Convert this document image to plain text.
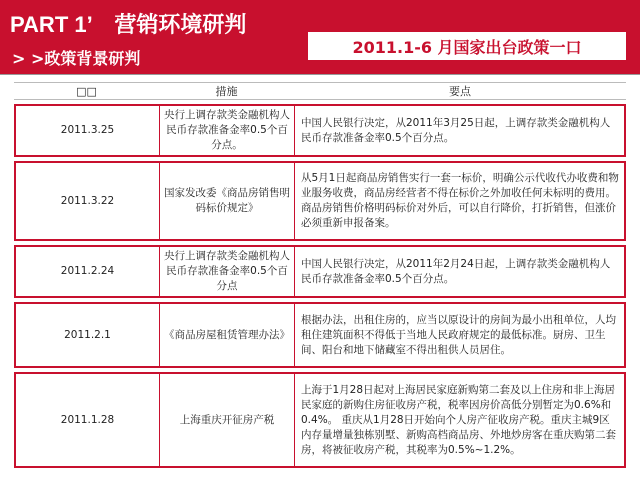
PART 1’ 营销环境研判
> >政策背景研判
2011.1-6 月国家出台政策一口
□□	措施	要点
2011.3.25	央行上调存款类金融机构人民币存款准备金率0.5个百分点。	中国人民银行决定，从2011年3月25日起，上调存款类金融机构人民币存款准备金率0.5个百分点。
2011.3.22	国家发改委《商品房销售明码标价规定》	从5月1日起商品房销售实行一套一标价，明确公示代收代办收费和物业服务收费，商品房经营者不得在标价之外加收任何未标明的费用。 商品房销售价格明码标价对外后，可以自行降价，打折销售，但涨价必须重新申报备案。
2011.2.24	央行上调存款类金融机构人民币存款准备金率0.5个百分点	中国人民银行决定，从2011年2月24日起，上调存款类金融机构人民币存款准备金率0.5个百分点。
2011.2.1	《商品房屋租赁管理办法》	根据办法，出租住房的，应当以原设计的房间为最小出租单位，人均租住建筑面积不得低于当地人民政府规定的最低标准。厨房、卫生间、阳台和地下储藏室不得出租供人员居住。
2011.1.28	上海重庆开征房产税	上海于1月28日起对上海居民家庭新购第二套及以上住房和非上海居民家庭的新购住房征收房产税，税率因房价高低分别暂定为0.6%和0.4%。 重庆从1月28日开始向个人房产征收房产税。重庆主城9区内存量增量独栋别墅、新购高档商品房、外地炒房客在重庆购第二套房，将被征收房产税，其税率为0.5%~1.2%。
